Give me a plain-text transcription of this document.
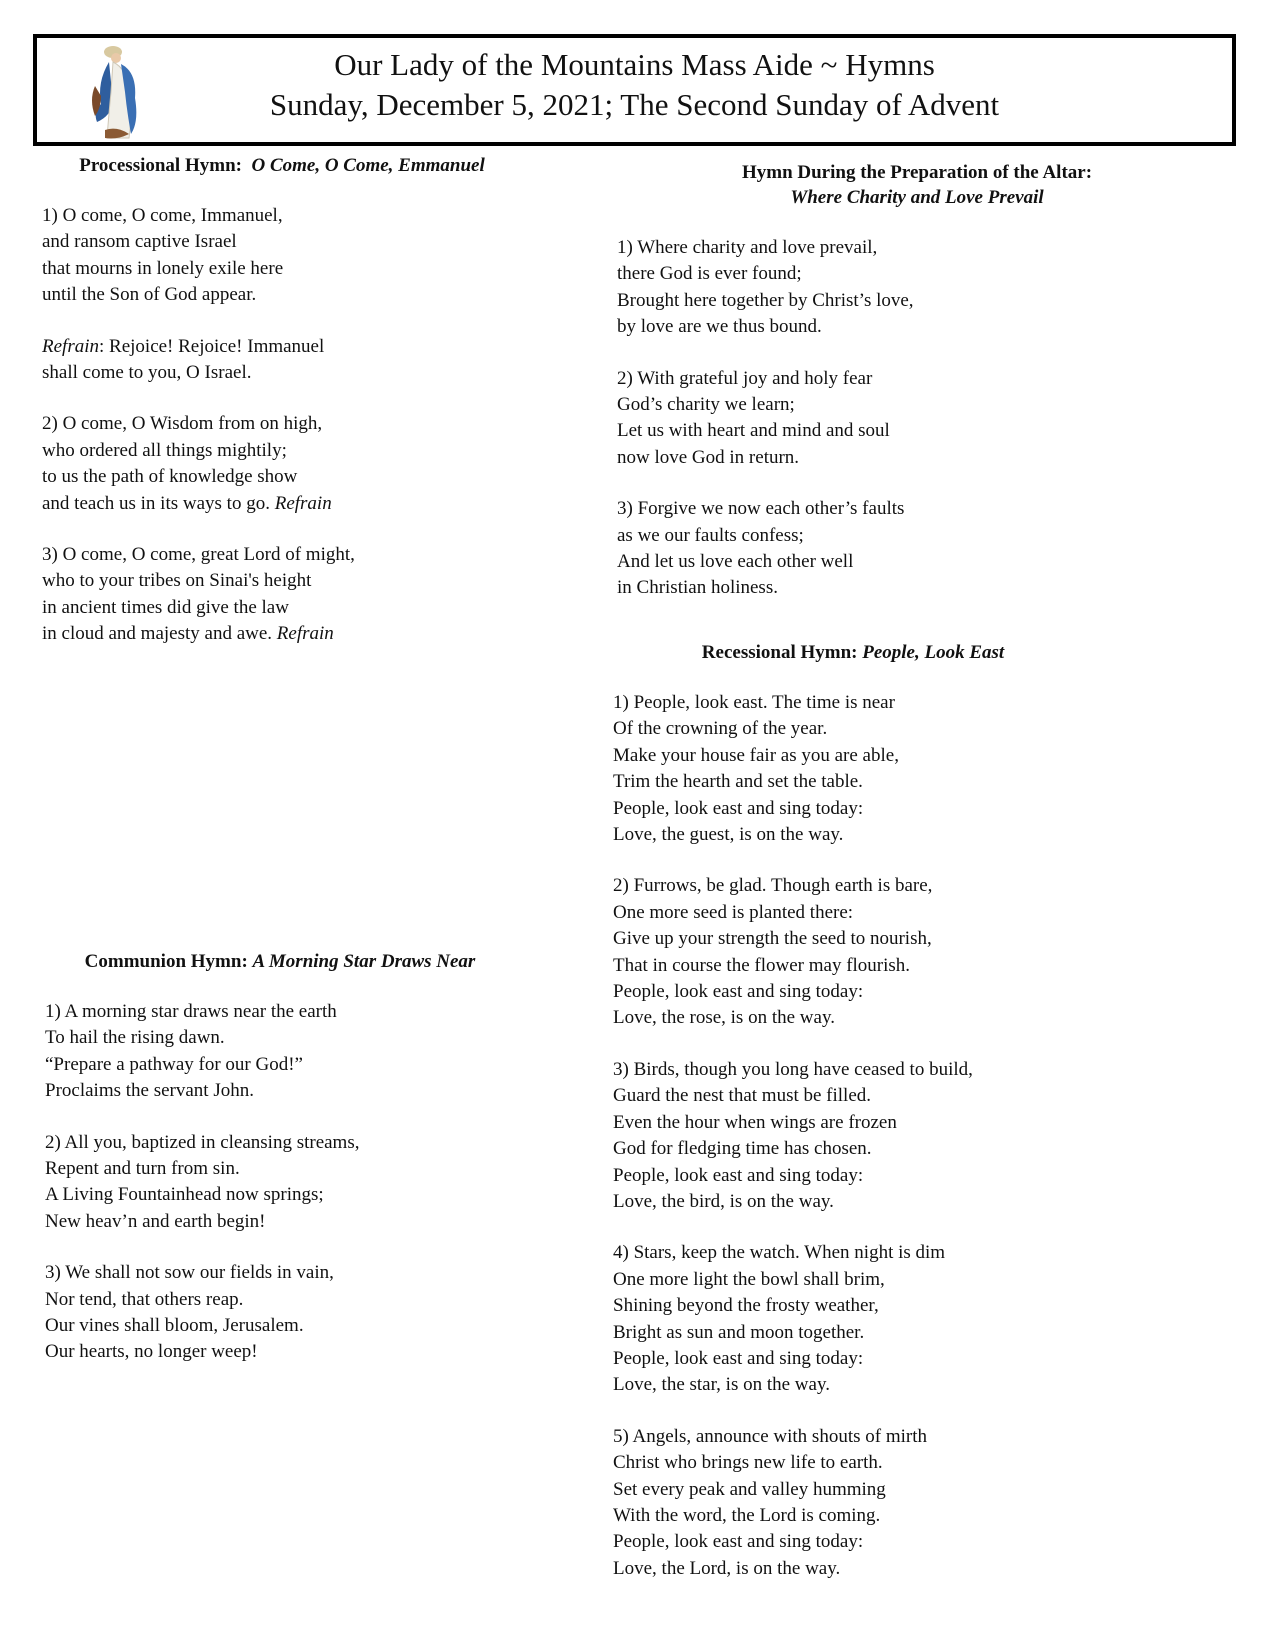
Our Lady of the Mountains Mass Aide ~ Hymns
Sunday, December 5, 2021; The Second Sunday of Advent
Processional Hymn: O Come, O Come, Emmanuel
1) O come, O come, Immanuel,
and ransom captive Israel
that mourns in lonely exile here
until the Son of God appear.
Refrain: Rejoice! Rejoice! Immanuel
shall come to you, O Israel.
2) O come, O Wisdom from on high,
who ordered all things mightily;
to us the path of knowledge show
and teach us in its ways to go. Refrain
3) O come, O come, great Lord of might,
who to your tribes on Sinai's height
in ancient times did give the law
in cloud and majesty and awe. Refrain
Communion Hymn: A Morning Star Draws Near
1) A morning star draws near the earth
To hail the rising dawn.
“Prepare a pathway for our God!”
Proclaims the servant John.
2) All you, baptized in cleansing streams,
Repent and turn from sin.
A Living Fountainhead now springs;
New heav’n and earth begin!
3) We shall not sow our fields in vain,
Nor tend, that others reap.
Our vines shall bloom, Jerusalem.
Our hearts, no longer weep!
Hymn During the Preparation of the Altar:
Where Charity and Love Prevail
1) Where charity and love prevail,
there God is ever found;
Brought here together by Christ’s love,
by love are we thus bound.
2) With grateful joy and holy fear
God’s charity we learn;
Let us with heart and mind and soul
now love God in return.
3) Forgive we now each other’s faults
as we our faults confess;
And let us love each other well
in Christian holiness.
Recessional Hymn: People, Look East
1) People, look east. The time is near
Of the crowning of the year.
Make your house fair as you are able,
Trim the hearth and set the table.
People, look east and sing today:
Love, the guest, is on the way.
2) Furrows, be glad. Though earth is bare,
One more seed is planted there:
Give up your strength the seed to nourish,
That in course the flower may flourish.
People, look east and sing today:
Love, the rose, is on the way.
3) Birds, though you long have ceased to build,
Guard the nest that must be filled.
Even the hour when wings are frozen
God for fledging time has chosen.
People, look east and sing today:
Love, the bird, is on the way.
4) Stars, keep the watch. When night is dim
One more light the bowl shall brim,
Shining beyond the frosty weather,
Bright as sun and moon together.
People, look east and sing today:
Love, the star, is on the way.
5) Angels, announce with shouts of mirth
Christ who brings new life to earth.
Set every peak and valley humming
With the word, the Lord is coming.
People, look east and sing today:
Love, the Lord, is on the way.
